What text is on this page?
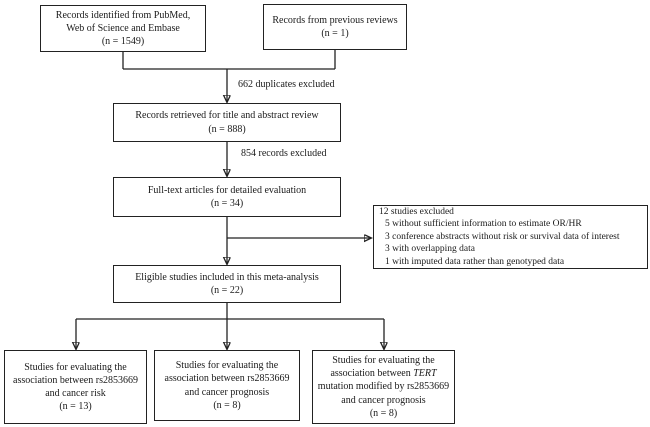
Records identified from PubMed,
Web of Science and Embase
(n = 1549)
Records from previous reviews
(n = 1)
662 duplicates excluded
Records retrieved for title and abstract review
(n = 888)
854 records excluded
Full-text articles for detailed evaluation
(n = 34)
12 studies excluded
5 without sufficient information to estimate OR/HR
3 conference abstracts without risk or survival data of interest
3 with overlapping data
1 with imputed data rather than genotyped data
Eligible studies included in this meta-analysis
(n = 22)
Studies for evaluating the
association between rs2853669
and cancer risk
(n = 13)
Studies for evaluating the
association between rs2853669
and cancer prognosis
(n = 8)
Studies for evaluating the
association between TERT
mutation modified by rs2853669
and cancer prognosis
(n = 8)
